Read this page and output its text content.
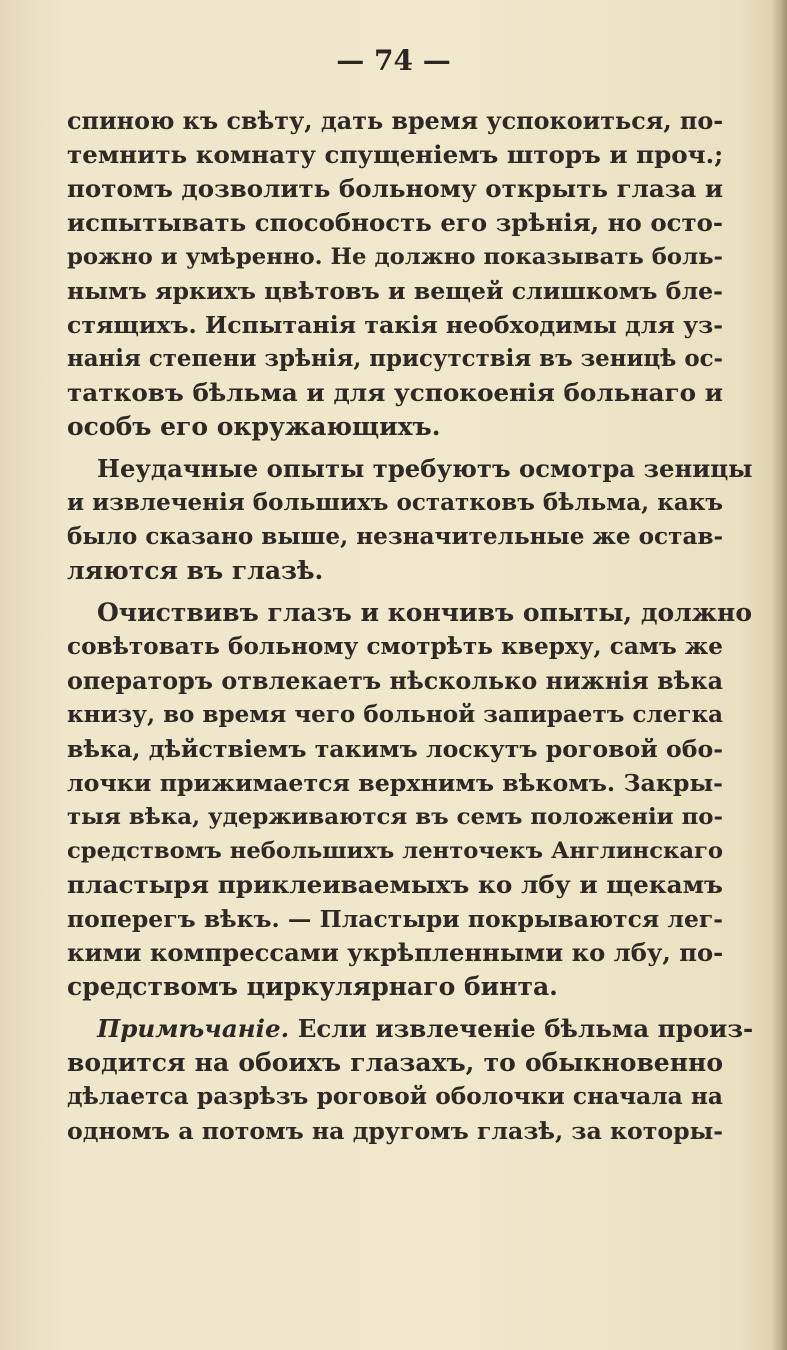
— 74 —
спиною къ свѣту, дать время успокоиться, по-
темнить комнату спущенiемъ шторъ и проч.;
потомъ дозволить больному открыть глаза и
испытывать способность его зрѣнiя, но осто-
рожно и умѣренно. Не должно показывать боль-
нымъ яркихъ цвѣтовъ и вещей слишкомъ бле-
стящихъ. Испытанiя такiя необходимы для уз-
нанiя степени зрѣнiя, присутствiя въ зеницѣ ос-
татковъ бѣльма и для успокоенiя больнаго и
особъ его окружающихъ.
Неудачные опыты требуютъ осмотра зеницы
и извлеченiя большихъ остатковъ бѣльма, какъ
было сказано выше, незначительные же остав-
ляются въ глазѣ.
Очиствивъ глазъ и кончивъ опыты, должно
совѣтовать больному смотрѣть кверху, самъ же
операторъ отвлекаетъ нѣсколько нижнiя вѣка
книзу, во время чего больной запираетъ слегка
вѣка, дѣйствiемъ такимъ лоскутъ роговой обо-
лочки прижимается верхнимъ вѣкомъ. Закры-
тыя вѣка, удерживаются въ семъ положенiи по-
средствомъ небольшихъ ленточекъ Англинскаго
пластыря приклеиваемыхъ ко лбу и щекамъ
поперегъ вѣкъ. — Пластыри покрываются лег-
кими компрессами укрѣпленными ко лбу, по-
средствомъ циркулярнаго бинта.
Примѣчанiе. Если извлеченiе бѣльма произ-
водится на обоихъ глазахъ, то обыкновенно
дѣлаетса разрѣзъ роговой оболочки сначала на
одномъ а потомъ на другомъ глазѣ, за которы-
